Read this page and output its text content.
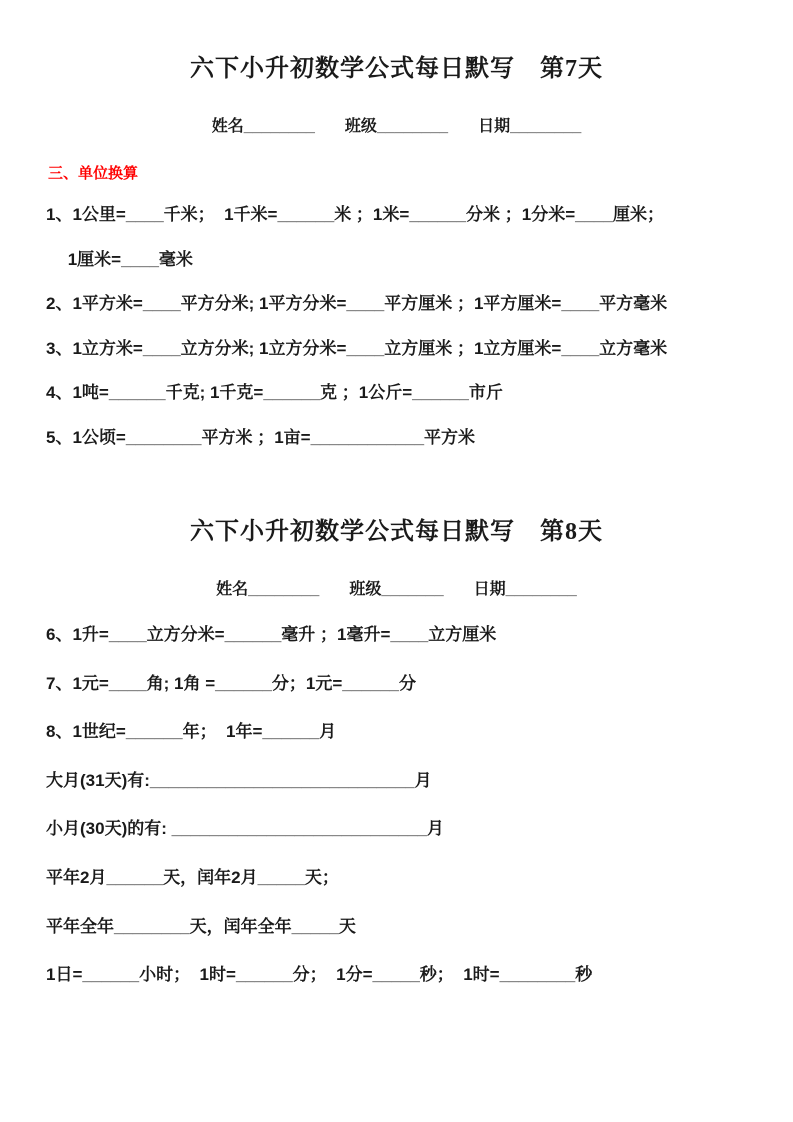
六下小升初数学公式每日默写　第7天
姓名________ 班级________ 日期________
三、单位换算

1、1公里=____千米；  1千米=______米 ；1米=______分米 ；1分米=____厘米；

　 1厘米=____毫米

2、1平方米=____平方分米; 1平方分米=____平方厘米 ；1平方厘米=____平方毫米

3、1立方米=____立方分米; 1立方分米=____立方厘米 ；1立方厘米=____立方毫米

4、1吨=______千克; 1千克=______克 ；1公斤=______市斤

5、1公顷=________平方米 ；1亩=____________平方米

六下小升初数学公式每日默写　第8天
姓名________ 班级_______ 日期________

6、1升=____立方分米=______毫升 ；1毫升=____立方厘米

7、1元=____角; 1角 =______分；1元=______分

8、1世纪=______年；  1年=______月

大月(31天)有:____________________________月

小月(30天)的有: ___________________________月

平年2月______天，闰年2月_____天；

平年全年________天，闰年全年_____天

1日=______小时；  1时=______分；  1分=_____秒；  1时=________秒
